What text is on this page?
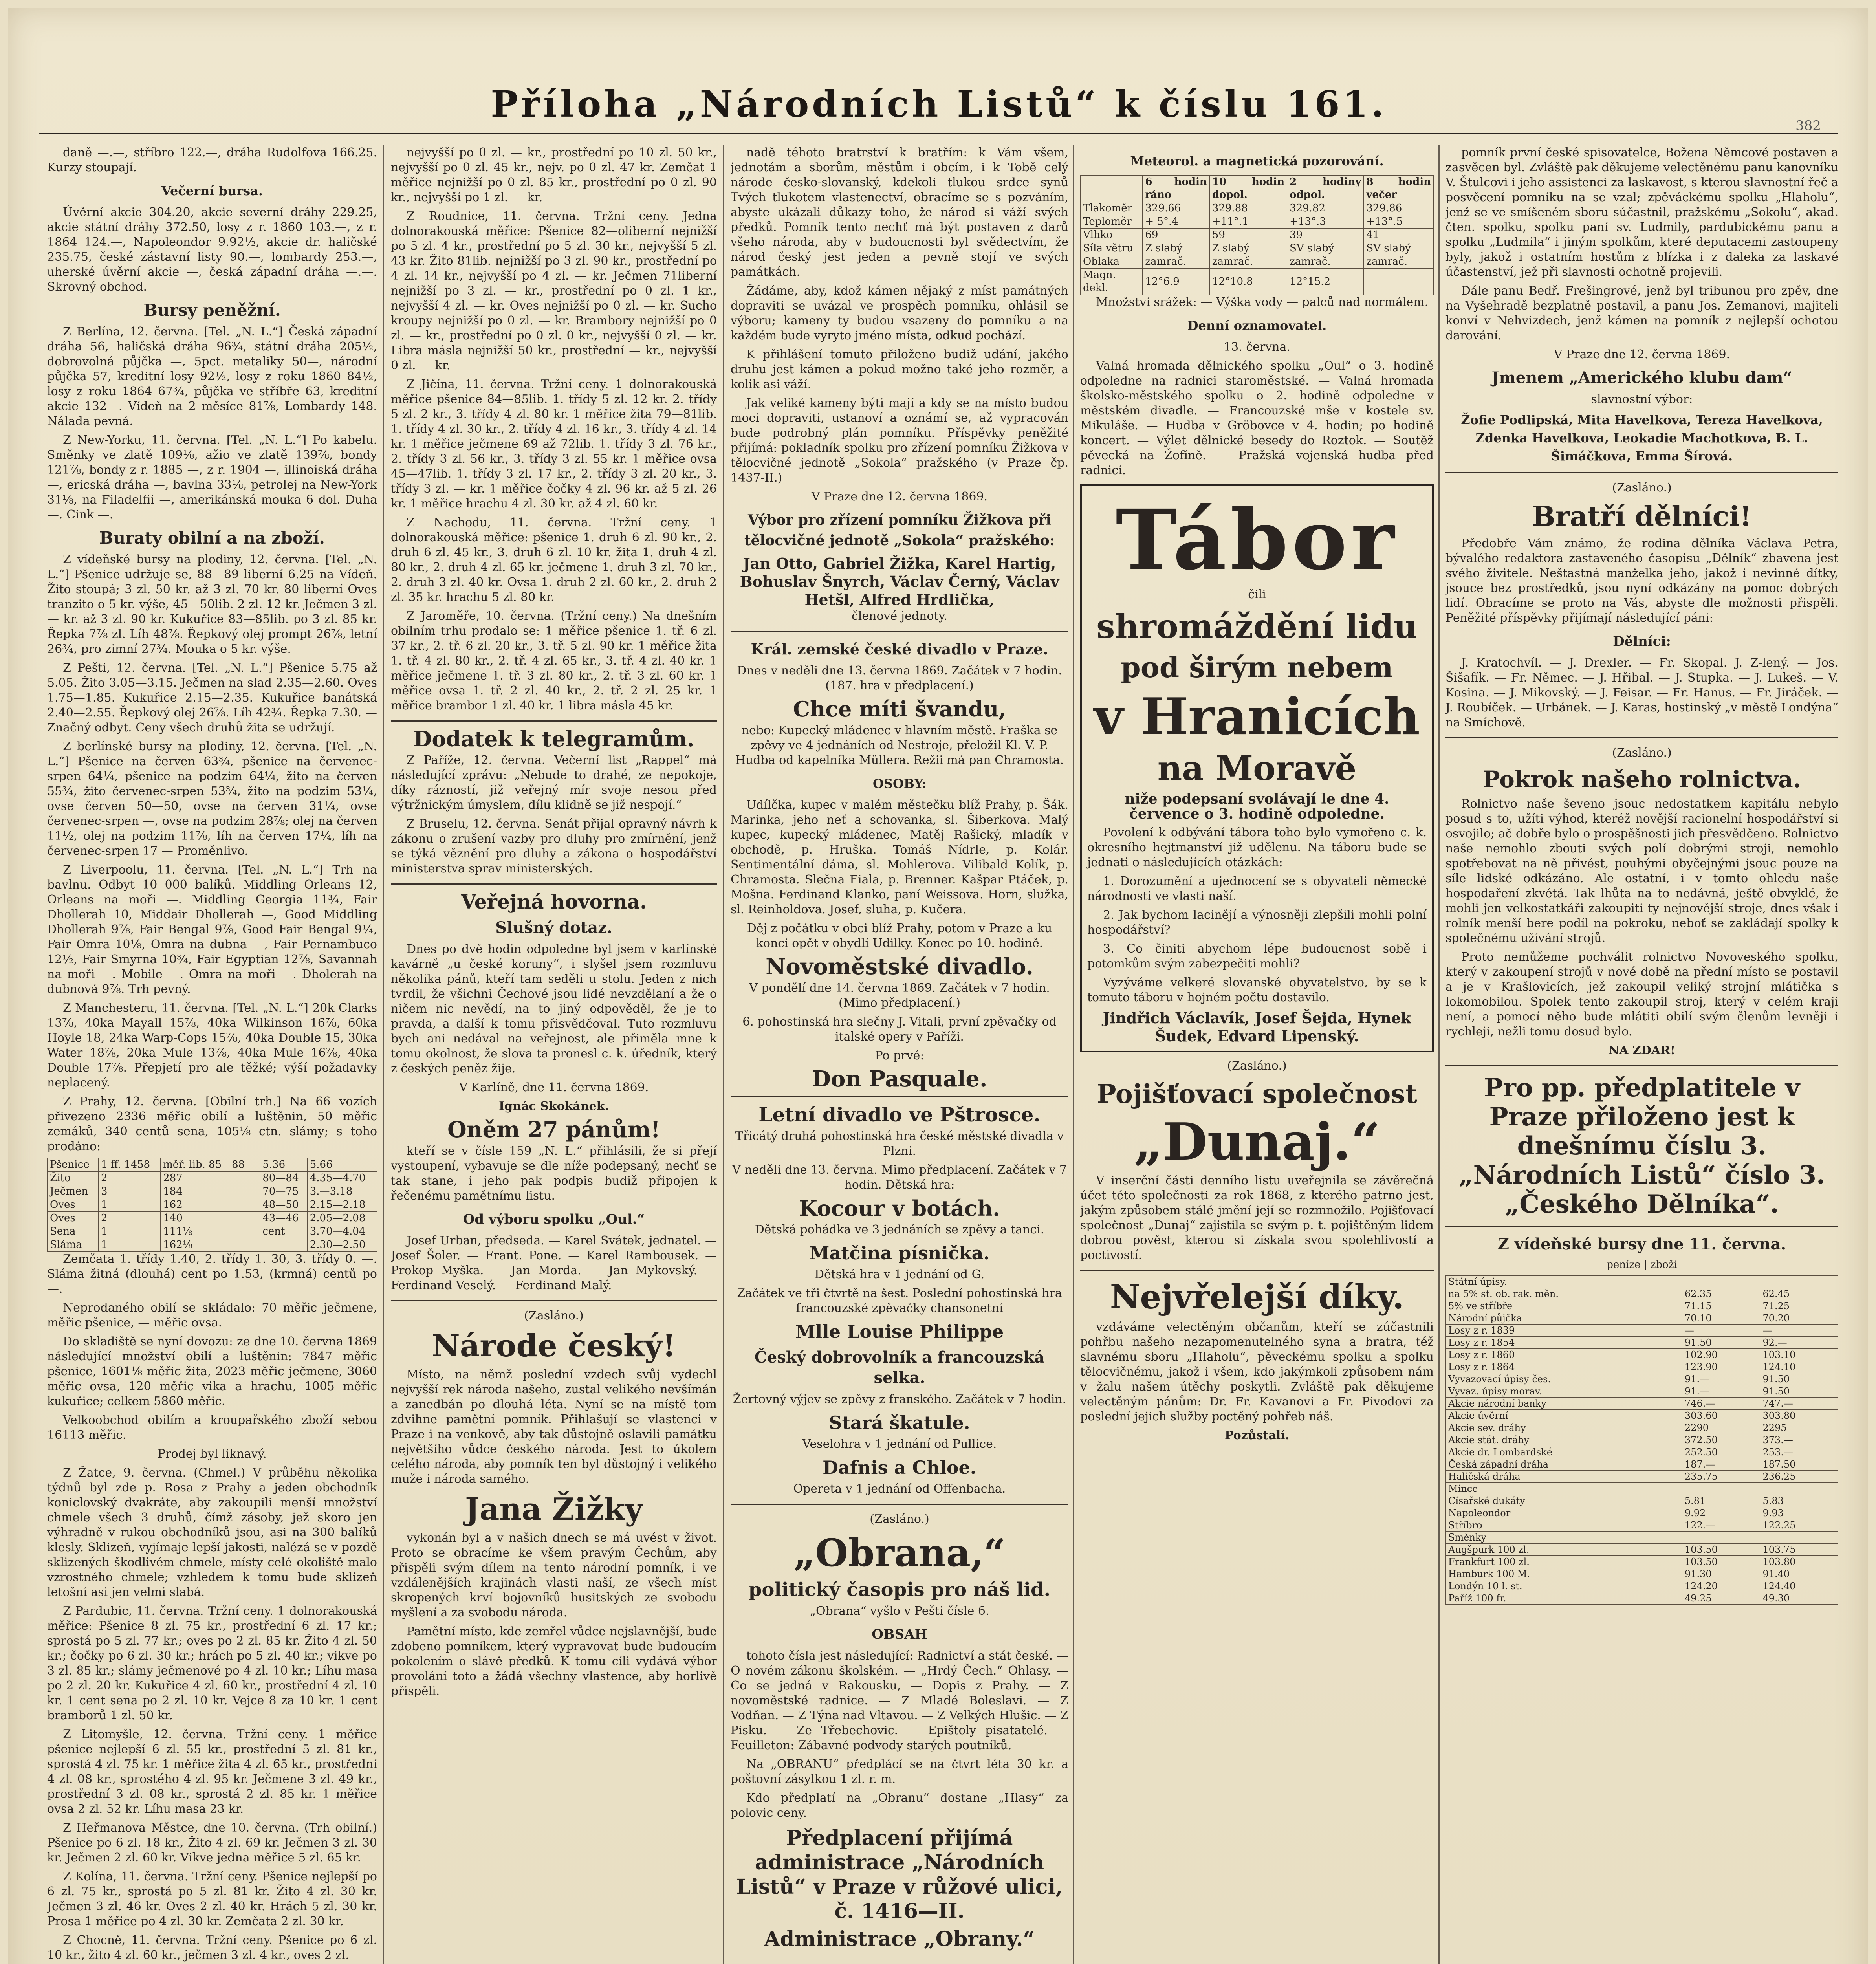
Příloha „Národních Listů“ k číslu 161.
382

daně —.—, stříbro 122.—, dráha Rudolfova 166.25. Kurzy stoupají.

Večerní bursa.

Úvěrní akcie 304.20, akcie severní dráhy 229.25, akcie státní dráhy 372.50, losy z r. 1860 103.—, z r. 1864 124.—, Napoleondor 9.92½, akcie dr. haličské 235.75, české zástavní listy 90.—, lombardy 253.—, uherské úvěrní akcie —, česká západní dráha —.—. Skrovný obchod.

Bursy peněžní.

Z Berlína, 12. června. [Tel. „N. L.“] Česká západní dráha 56, haličská dráha 96¾, státní dráha 205½, dobrovolná půjčka —, 5pct. metaliky 50—, národní půjčka 57, kreditní losy 92½, losy z roku 1860 84½, losy z roku 1864 67¾, půjčka ve stříbře 63, kreditní akcie 132—. Vídeň na 2 měsíce 81⅞, Lombardy 148. Nálada pevná.

Z New-Yorku, 11. června. [Tel. „N. L.“] Po kabelu. Směnky ve zlatě 109⅛, ažio ve zlatě 139⅞, bondy 121⅞, bondy z r. 1885 —, z r. 1904 —, illinoiská dráha —, ericská dráha —, bavlna 33⅛, petrolej na New-York 31⅛, na Filadelfii —, amerikánská mouka 6 dol. Duha —. Cink —.

Buraty obilní a na zboží.

Z vídeňské bursy na plodiny, 12. června. [Tel. „N. L.“] Pšenice udržuje se, 88—89 liberní 6.25 na Vídeň. Žito stoupá; 3 zl. 50 kr. až 3 zl. 70 kr. 80 liberní Oves tranzito o 5 kr. výše, 45—50lib. 2 zl. 12 kr. Ječmen 3 zl. — kr. až 3 zl. 90 kr. Kukuřice 83—85lib. po 3 zl. 85 kr. Řepka 7⅞ zl. Líh 48⅞. Řepkový olej prompt 26⅞, letní 26¾, pro zimní 27¾. Mouka o 5 kr. výše.

Z Pešti, 12. června. [Tel. „N. L.“] Pšenice 5.75 až 5.05. Žito 3.05—3.15. Ječmen na slad 2.35—2.60. Oves 1.75—1.85. Kukuřice 2.15—2.35. Kukuřice banátská 2.40—2.55. Řepkový olej 26⅞. Líh 42¾. Řepka 7.30. — Značný odbyt. Ceny všech druhů žita se udržují.

Z berlínské bursy na plodiny, 12. června. [Tel. „N. L.“] Pšenice na červen 63¾, pšenice na červenec-srpen 64¼, pšenice na podzim 64¼, žito na červen 55¾, žito červenec-srpen 53¾, žito na podzim 53¼, ovse červen 50—50, ovse na červen 31¼, ovse červenec-srpen —, ovse na podzim 28⅞; olej na červen 11½, olej na podzim 11⅞, líh na červen 17¼, líh na červenec-srpen 17 — Proměnlivo.

Z Liverpoolu, 11. června. [Tel. „N. L.“] Trh na bavlnu. Odbyt 10 000 balíků. Middling Orleans 12, Orleans na moři —. Middling Georgia 11¾, Fair Dhollerah 10, Middair Dhollerah —, Good Middling Dhollerah 9⅞, Fair Bengal 9⅞, Good Fair Bengal 9¼, Fair Omra 10⅛, Omra na dubna —, Fair Pernambuco 12½, Fair Smyrna 10¾, Fair Egyptian 12⅞, Savannah na moři —. Mobile —. Omra na moři —. Dholerah na dubnová 9⅞. Trh pevný.

Z Manchesteru, 11. června. [Tel. „N. L.“] 20k Clarks 13⅞, 40ka Mayall 15⅞, 40ka Wilkinson 16⅞, 60ka Hoyle 18, 24ka Warp-Cops 15⅞, 40ka Double 15, 30ka Water 18⅞, 20ka Mule 13⅞, 40ka Mule 16⅞, 40ka Double 17⅞. Přepjetí pro ale těžké; výší požadavky neplacený.

Z Prahy, 12. června. [Obilní trh.] Na 66 vozích přivezeno 2336 měřic obilí a luštěnin, 50 měřic zemáků, 340 centů sena, 105⅛ ctn. slámy; s toho prodáno:

Pšenice	1 ff. 1458	měř. lib. 85—88	5.36	5.66
Žito	2	287	80—84	4.35—4.70
Ječmen	3	184	70—75	3.—3.18
Oves	1	162	48—50	2.15—2.18
Oves	2	140	43—46	2.05—2.08
Sena	1	111⅛	cent	3.70—4.04
Sláma	1	162⅛		2.30—2.50

Zemčata 1. třídy 1.40, 2. třídy 1. 30, 3. třídy 0. —. Sláma žitná (dlouhá) cent po 1.53, (krmná) centů po —.

Neprodaného obilí se skládalo: 70 měřic ječmene, měřic pšenice, — měřic ovsa.

Do skladiště se nyní dovozu: ze dne 10. června 1869 následující množství obilí a luštěnin: 7847 měřic pšenice, 1601⅛ měřic žita, 2023 měřic ječmene, 3060 měřic ovsa, 120 měřic vika a hrachu, 1005 měřic kukuřice; celkem 5860 měřic.

Velkoobchod obilím a kroupařského zboží sebou 16113 měřic.

Prodej byl liknavý.

Z Žatce, 9. června. (Chmel.) V průběhu několika týdnů byl zde p. Rosa z Prahy a jeden obchodník koniclovský dvakráte, aby zakoupili menší množství chmele všech 3 druhů, čímž zásoby, jež skoro jen výhradně v rukou obchodníků jsou, asi na 300 balíků klesly. Sklizeň, vyjímaje lepší jakosti, nalézá se v pozdě sklizených škodlivém chmele, místy celé okoliště malo vzrostného chmele; vzhledem k tomu bude sklizeň letošní asi jen velmi slabá.

Z Pardubic, 11. června. Tržní ceny. 1 dolnorakouská měřice: Pšenice 8 zl. 75 kr., prostřední 6 zl. 17 kr.; sprostá po 5 zl. 77 kr.; oves po 2 zl. 85 kr. Žito 4 zl. 50 kr.; čočky po 6 zl. 30 kr.; hrách po 5 zl. 40 kr.; vikve po 3 zl. 85 kr.; slámy ječmenové po 4 zl. 10 kr.; Líhu masa po 2 zl. 20 kr. Kukuřice 4 zl. 60 kr., prostřední 4 zl. 10 kr. 1 cent sena po 2 zl. 10 kr. Vejce 8 za 10 kr. 1 cent bramborů 1 zl. 50 kr.

Z Litomyšle, 12. června. Tržní ceny. 1 měřice pšenice nejlepší 6 zl. 55 kr., prostřední 5 zl. 81 kr., sprostá 4 zl. 75 kr. 1 měřice žita 4 zl. 65 kr., prostřední 4 zl. 08 kr., sprostého 4 zl. 95 kr. Ječmene 3 zl. 49 kr., prostřední 3 zl. 08 kr., sprostá 2 zl. 85 kr. 1 měřice ovsa 2 zl. 52 kr. Líhu masa 23 kr.

Z Heřmanova Městce, dne 10. června. (Trh obilní.) Pšenice po 6 zl. 18 kr., Žito 4 zl. 69 kr. Ječmen 3 zl. 30 kr. Ječmen 2 zl. 60 kr. Vikve jedna měřice 5 zl. 65 kr.

Z Kolína, 11. června. Tržní ceny. Pšenice nejlepší po 6 zl. 75 kr., sprostá po 5 zl. 81 kr. Žito 4 zl. 30 kr. Ječmen 3 zl. 46 kr. Oves 2 zl. 40 kr. Hrách 5 zl. 30 kr. Prosa 1 měřice po 4 zl. 30 kr. Zemčata 2 zl. 30 kr.

Z Chocně, 11. června. Tržní ceny. Pšenice po 6 zl. 10 kr., žito 4 zl. 60 kr., ječmen 3 zl. 4 kr., oves 2 zl.

nejvyšší po 0 zl. — kr., prostřední po 10 zl. 50 kr., nejvyšší po 0 zl. 45 kr., nejv. po 0 zl. 47 kr. Zemčat 1 měřice nejnižší po 0 zl. 85 kr., prostřední po 0 zl. 90 kr., nejvyšší po 1 zl. — kr.

Z Roudnice, 11. června. Tržní ceny. Jedna dolnorakouská měřice: Pšenice 82—oliberní nejnižší po 5 zl. 4 kr., prostřední po 5 zl. 30 kr., nejvyšší 5 zl. 43 kr. Žito 81lib. nejnižší po 3 zl. 90 kr., prostřední po 4 zl. 14 kr., nejvyšší po 4 zl. — kr. Ječmen 71liberní nejnižší po 3 zl. — kr., prostřední po 0 zl. 1 kr., nejvyšší 4 zl. — kr. Oves nejnižší po 0 zl. — kr. Sucho kroupy nejnižší po 0 zl. — kr. Brambory nejnižší po 0 zl. — kr., prostřední po 0 zl. 0 kr., nejvyšší 0 zl. — kr. Libra másla nejnižší 50 kr., prostřední — kr., nejvyšší 0 zl. — kr.

Z Jičína, 11. června. Tržní ceny. 1 dolnorakouská měřice pšenice 84—85lib. 1. třídy 5 zl. 12 kr. 2. třídy 5 zl. 2 kr., 3. třídy 4 zl. 80 kr. 1 měřice žita 79—81lib. 1. třídy 4 zl. 30 kr., 2. třídy 4 zl. 16 kr., 3. třídy 4 zl. 14 kr. 1 měřice ječmene 69 až 72lib. 1. třídy 3 zl. 76 kr., 2. třídy 3 zl. 56 kr., 3. třídy 3 zl. 55 kr. 1 měřice ovsa 45—47lib. 1. třídy 3 zl. 17 kr., 2. třídy 3 zl. 20 kr., 3. třídy 3 zl. — kr. 1 měřice čočky 4 zl. 96 kr. až 5 zl. 26 kr. 1 měřice hrachu 4 zl. 30 kr. až 4 zl. 60 kr.

Z Nachodu, 11. června. Tržní ceny. 1 dolnorakouská měřice: pšenice 1. druh 6 zl. 90 kr., 2. druh 6 zl. 45 kr., 3. druh 6 zl. 10 kr. žita 1. druh 4 zl. 80 kr., 2. druh 4 zl. 65 kr. ječmene 1. druh 3 zl. 70 kr., 2. druh 3 zl. 40 kr. Ovsa 1. druh 2 zl. 60 kr., 2. druh 2 zl. 35 kr. hrachu 5 zl. 80 kr.

Z Jaroměře, 10. června. (Tržní ceny.) Na dnešním obilním trhu prodalo se: 1 měřice pšenice 1. tř. 6 zl. 37 kr., 2. tř. 6 zl. 20 kr., 3. tř. 5 zl. 90 kr. 1 měřice žita 1. tř. 4 zl. 80 kr., 2. tř. 4 zl. 65 kr., 3. tř. 4 zl. 40 kr. 1 měřice ječmene 1. tř. 3 zl. 80 kr., 2. tř. 3 zl. 60 kr. 1 měřice ovsa 1. tř. 2 zl. 40 kr., 2. tř. 2 zl. 25 kr. 1 měřice brambor 1 zl. 40 kr. 1 libra másla 45 kr.

Dodatek k telegramům.

Z Paříže, 12. června. Večerní list „Rappel“ má následující zprávu: „Nebude to drahé, ze nepokoje, díky rázností, již veřejný mír svoje nesou před výtržnickým úmyslem, dílu klidně se již nespojí.“

Z Bruselu, 12. června. Senát přijal opravný návrh k zákonu o zrušení vazby pro dluhy pro zmírnění, jenž se týká věznění pro dluhy a zákona o hospodářství ministerstva sprav ministerských.

Veřejná hovorna.
Slušný dotaz.

Dnes po dvě hodin odpoledne byl jsem v karlínské kavárně „u české koruny“, i slyšel jsem rozmluvu několika pánů, kteří tam seděli u stolu. Jeden z nich tvrdil, že všichni Čechové jsou lidé nevzdělaní a že o ničem nic nevědí, na to jiný odpověděl, že je to pravda, a další k tomu přisvědčoval. Tuto rozmluvu bych ani nedával na veřejnost, ale přiměla mne k tomu okolnost, že slova ta pronesl c. k. úředník, který z českých peněz žije.

V Karlíně, dne 11. června 1869.

Ignác Skokánek.

Oněm 27 pánům!

kteří se v čísle 159 „N. L.“ přihlásili, že si přejí vystoupení, vybavuje se dle níže podepsaný, nechť se tak stane, i jeho pak podpis budiž připojen k řečenému pamětnímu listu.

Od výboru spolku „Oul.“

Josef Urban, předseda. — Karel Svátek, jednatel. — Josef Šoler. — Frant. Pone. — Karel Rambousek. — Prokop Myška. — Jan Morda. — Jan Mykovský. — Ferdinand Veselý. — Ferdinand Malý.

(Zasláno.)

Národe český!

Místo, na němž poslední vzdech svůj vydechl nejvyšší rek národa našeho, zustal velikého nevšímán a zanedbán po dlouhá léta. Nyní se na místě tom zdvihne pamětní pomník. Přihlašují se vlastenci v Praze i na venkově, aby tak důstojně oslavili památku největšího vůdce českého národa. Jest to úkolem celého národa, aby pomník ten byl důstojný i velikého muže i národa samého.

Jana Žižky

vykonán byl a v našich dnech se má uvést v život. Proto se obracíme ke všem pravým Čechům, aby přispěli svým dílem na tento národní pomník, i ve vzdálenějších krajinách vlasti naší, ze všech míst skropených krví bojovníků husitských ze svobodu myšlení a za svobodu národa.

Pamětní místo, kde zemřel vůdce nejslavnější, bude zdobeno pomníkem, který vypravovat bude budoucím pokolením o slávě předků. K tomu cíli vydává výbor provolání toto a žádá všechny vlastence, aby horlivě přispěli.

nadě téhoto bratrství k bratřím: k Vám všem, jednotám a sborům, městům i obcím, i k Tobě celý národe česko-slovanský, kdekoli tlukou srdce synů Tvých tlukotem vlastenectví, obracíme se s pozváním, abyste ukázali důkazy toho, že národ si váží svých předků. Pomník tento nechť má být postaven z darů všeho národa, aby v budoucnosti byl svědectvím, že národ český jest jeden a pevně stojí ve svých památkách.

Žádáme, aby, kdož kámen nějaký z míst památných dopraviti se uvázal ve prospěch pomníku, ohlásil se výboru; kameny ty budou vsazeny do pomníku a na každém bude vyryto jméno místa, odkud pochází.

K přihlášení tomuto přiloženo budiž udání, jakého druhu jest kámen a pokud možno také jeho rozměr, a kolik asi váží.

Jak veliké kameny býti mají a kdy se na místo budou moci dopraviti, ustanoví a oznámí se, až vypracován bude podrobný plán pomníku. Příspěvky peněžité přijímá: pokladník spolku pro zřízení pomníku Žižkova v tělocvičné jednotě „Sokola“ pražského (v Praze čp. 1437-II.)

V Praze dne 12. června 1869.

Výbor pro zřízení pomníku Žižkova při tělocvičné jednotě „Sokola“ pražského:
Jan Otto, Gabriel Žižka, Karel Hartig, Bohuslav Šnyrch, Václav Černý, Václav Hetšl, Alfred Hrdlička,

členové jednoty.

Král. zemské české divadlo v Praze.

Dnes v neděli dne 13. června 1869. Začátek v 7 hodin. (187. hra v předplacení.)

Chce míti švandu,

nebo: Kupecký mládenec v hlavním městě. Fraška se zpěvy ve 4 jednáních od Nestroje, přeložil Kl. V. P. Hudba od kapelníka Müllera. Režii má pan Chramosta.

OSOBY:

Udílčka, kupec v malém městečku blíž Prahy, p. Šák. Marinka, jeho neť a schovanka, sl. Šiberkova. Malý kupec, kupecký mládenec, Matěj Rašický, mladík v obchodě, p. Hruška. Tomáš Nídrle, p. Kolár. Sentimentální dáma, sl. Mohlerova. Vilibald Kolík, p. Chramosta. Slečna Fiala, p. Brenner. Kašpar Ptáček, p. Mošna. Ferdinand Klanko, paní Weissova. Horn, služka, sl. Reinholdova. Josef, sluha, p. Kučera.

Děj z počátku v obci blíž Prahy, potom v Praze a ku konci opět v obydlí Udilky. Konec po 10. hodině.

Novoměstské divadlo.

V pondělí dne 14. června 1869. Začátek v 7 hodin. (Mimo předplacení.)

6. pohostinská hra slečny J. Vitali, první zpěvačky od italské opery v Paříži.

Po prvé:

Don Pasquale.
Letní divadlo ve Pštrosce.

Třicátý druhá pohostinská hra české městské divadla v Plzni.

V neděli dne 13. června. Mimo předplacení. Začátek v 7 hodin. Dětská hra:

Kocour v botách.

Dětská pohádka ve 3 jednáních se zpěvy a tanci.

Matčina písnička.

Dětská hra v 1 jednání od G.

Začátek ve tři čtvrtě na šest. Poslední pohostinská hra francouzské zpěvačky chansonetní

Mlle Louise Philippe
Český dobrovolník a francouzská selka.

Žertovný výjev se zpěvy z franského. Začátek v 7 hodin.

Stará škatule.

Veselohra v 1 jednání od Pullice.

Dafnis a Chloe.

Opereta v 1 jednání od Offenbacha.

(Zasláno.)

„Obrana,“
politický časopis pro náš lid.

„Obrana“ vyšlo v Pešti čísle 6.

OBSAH

tohoto čísla jest následující: Radnictví a stát české. — O novém zákonu školském. — „Hrdý Čech.“ Ohlasy. — Co se jedná v Rakousku, — Dopis z Prahy. — Z novoměstské radnice. — Z Mladé Boleslavi. — Z Vodňan. — Z Týna nad Vltavou. — Z Velkých Hlušic. — Z Pisku. — Ze Třebechovic. — Epištoly pisatatelé. — Feuilleton: Zábavné podvody starých poutníků.

Na „OBRANU“ předplácí se na čtvrt léta 30 kr. a poštovní zásylkou 1 zl. r. m.

Kdo předplatí na „Obranu“ dostane „Hlasy“ za polovic ceny.

Předplacení přijímá administrace „Národních Listů“ v Praze v růžové ulici, č. 1416—II.
Administrace „Obrany.“
Meteorol. a magnetická pozorování.
	6 hodin ráno	10 hodin dopol.	2 hodiny odpol.	8 hodin večer
Tlakoměr	329.66	329.88	329.82	329.86
Teploměr	+ 5°.4	+11°.1	+13°.3	+13°.5
Vlhko	69	59	39	41
Síla větru	Z slabý	Z slabý	SV slabý	SV slabý
Oblaka	zamrač.	zamrač.	zamrač.	zamrač.
Magn. dekl.	12°6.9	12°10.8	12°15.2	

Množství srážek: — Výška vody — palců nad normálem.

Denní oznamovatel.

13. června.

Valná hromada dělnického spolku „Oul“ o 3. hodině odpoledne na radnici staroměstské. — Valná hromada školsko-městského spolku o 2. hodině odpoledne v městském divadle. — Francouzské mše v kostele sv. Mikuláše. — Hudba v Gröbovce v 4. hodin; po hodině koncert. — Výlet dělnické besedy do Roztok. — Soutěž pěvecká na Žofíně. — Pražská vojenská hudba před radnicí.

Tábor

čili

shromáždění lidu
pod širým nebem
v Hranicích
na Moravě

niže podepsaní svolávají le dne 4. července o 3. hodině odpoledne.

Povolení k odbývání tábora toho bylo vymořeno c. k. okresního hejtmanství již udělenu. Na táboru bude se jednati o následujících otázkách:

1. Dorozumění a ujednocení se s obyvateli německé národnosti ve vlasti naší.

2. Jak bychom lacinějí a výnosněji zlepšili mohli polní hospodářství?

3. Co činiti abychom lépe budoucnost sobě i potomkům svým zabezpečiti mohli?

Vyzýváme velkeré slovanské obyvatelstvo, by se k tomuto táboru v hojném počtu dostavilo.

Jindřich Václavík, Josef Šejda, Hynek Šudek, Edvard Lipenský.

(Zasláno.)

Pojišťovací společnost
„Dunaj.“

V inserční části denního listu uveřejnila se závěrečná účet této společnosti za rok 1868, z kterého patrno jest, jakým způsobem stálé jmění její se rozmnožilo. Pojišťovací společnost „Dunaj“ zajistila se svým p. t. pojištěným lidem dobrou pověst, kterou si získala svou spolehlivostí a poctivostí.

Nejvřelejší díky.

vzdáváme velectěným občanům, kteří se zúčastnili pohřbu našeho nezapomenutelného syna a bratra, též slavnému sboru „Hlaholu“, pěveckému spolku a spolku tělocvičnému, jakož i všem, kdo jakýmkoli způsobem nám v žalu našem útěchy poskytli. Zvláště pak děkujeme velectěným pánům: Dr. Fr. Kavanovi a Fr. Pivodovi za poslední jejich služby poctěný pohřeb náš.

Pozůstalí.

pomník první české spisovatelce, Božena Němcové postaven a zasvěcen byl. Zvláště pak děkujeme velectěnému panu kanovníku V. Štulcovi i jeho assistenci za laskavost, s kterou slavnostní řeč a posvěcení pomníku na se vzal; zpěváckému spolku „Hlaholu“, jenž se ve smíšeném sboru súčastnil, pražskému „Sokolu“, akad. čten. spolku, spolku paní sv. Ludmily, pardubickému panu a spolku „Ludmila“ i jiným spolkům, které deputacemi zastoupeny byly, jakož i ostatním hostům z blízka i z daleka za laskavé účastenství, jež při slavnosti ochotně projevili.

Dále panu Bedř. Frešingrové, jenž byl tribunou pro zpěv, dne na Vyšehradě bezplatně postavil, a panu Jos. Zemanovi, majiteli konví v Nehvizdech, jenž kámen na pomník z nejlepší ochotou darování.

V Praze dne 12. června 1869.

Jmenem „Amerického klubu dam“

slavnostní výbor:

Žofie Podlipská, Mita Havelkova, Tereza Havelkova, Zdenka Havelkova, Leokadie Machotkova, B. L. Šimáčkova, Emma Šírová.

(Zasláno.)

Bratří dělníci!

Předobře Vám známo, že rodina dělníka Václava Petra, bývalého redaktora zastaveného časopisu „Dělník“ zbavena jest svého živitele. Neštastná manželka jeho, jakož i nevinné dítky, jsouce bez prostředků, jsou nyní odkázány na pomoc dobrých lidí. Obracíme se proto na Vás, abyste dle možnosti přispěli. Peněžité příspěvky přijímají následující páni:

Dělníci:

J. Kratochvíl. — J. Drexler. — Fr. Skopal. J. Z-lený. — Jos. Šišafík. — Fr. Němec. — J. Hřibal. — J. Stupka. — J. Lukeš. — V. Kosina. — J. Mikovský. — J. Feisar. — Fr. Hanus. — Fr. Jiráček. — J. Roubíček. — Urbánek. — J. Karas, hostinský „v městě Londýna“ na Smíchově.

(Zasláno.)

Pokrok našeho rolnictva.

Rolnictvo naše ševeno jsouc nedostatkem kapitálu nebylo posud s to, užíti výhod, kteréž novější racionelní hospodářství si osvojilo; ač dobře bylo o prospěšnosti jich přesvědčeno. Rolnictvo naše nemohlo zbouti svých polí dobrými stroji, nemohlo spotřebovat na ně přivést, pouhými obyčejnými jsouc pouze na síle lidské odkázáno. Ale ostatní, i v tomto ohledu naše hospodaření zkvétá. Tak lhůta na to nedávná, ještě obvyklé, že mohli jen velkostatkáři zakoupiti ty nejnovější stroje, dnes však i rolník menší bere podíl na pokroku, neboť se zakládají spolky k společnému užívání strojů.

Proto nemůžeme pochválit rolnictvo Novoveského spolku, který v zakoupení strojů v nové době na přední místo se postavil a je v Krašlovicích, jež zakoupil veliký strojní mlátička s lokomobilou. Spolek tento zakoupil stroj, který v celém kraji není, a pomocí něho bude mlátiti obilí svým členům levněji i rychleji, nežli tomu dosud bylo.

NA ZDAR!

Pro pp. předplatitele v Praze přiloženo jest k dnešnímu číslu 3. „Národních Listů“ číslo 3. „Českého Dělníka“.
Z vídeňské bursy dne 11. června.

peníze | zboží

Státní úpisy.		
na 5% st. ob. rak. měn.	62.35	62.45
5% ve stříbře	71.15	71.25
Národní půjčka	70.10	70.20
Losy z r. 1839	—	—
Losy z r. 1854	91.50	92.—
Losy z r. 1860	102.90	103.10
Losy z r. 1864	123.90	124.10
Vyvazovací úpisy čes.	91.—	91.50
Vyvaz. úpisy morav.	91.—	91.50
Akcie národní banky	746.—	747.—
Akcie úvěrní	303.60	303.80
Akcie sev. dráhy	2290	2295
Akcie stát. dráhy	372.50	373.—
Akcie dr. Lombardské	252.50	253.—
Česká západní dráha	187.—	187.50
Haličská dráha	235.75	236.25
Mince		
Císařské dukáty	5.81	5.83
Napoleondor	9.92	9.93
Stříbro	122.—	122.25
Směnky		
Augšpurk 100 zl.	103.50	103.75
Frankfurt 100 zl.	103.50	103.80
Hamburk 100 M.	91.30	91.40
Londýn 10 l. st.	124.20	124.40
Paříž 100 fr.	49.25	49.30
